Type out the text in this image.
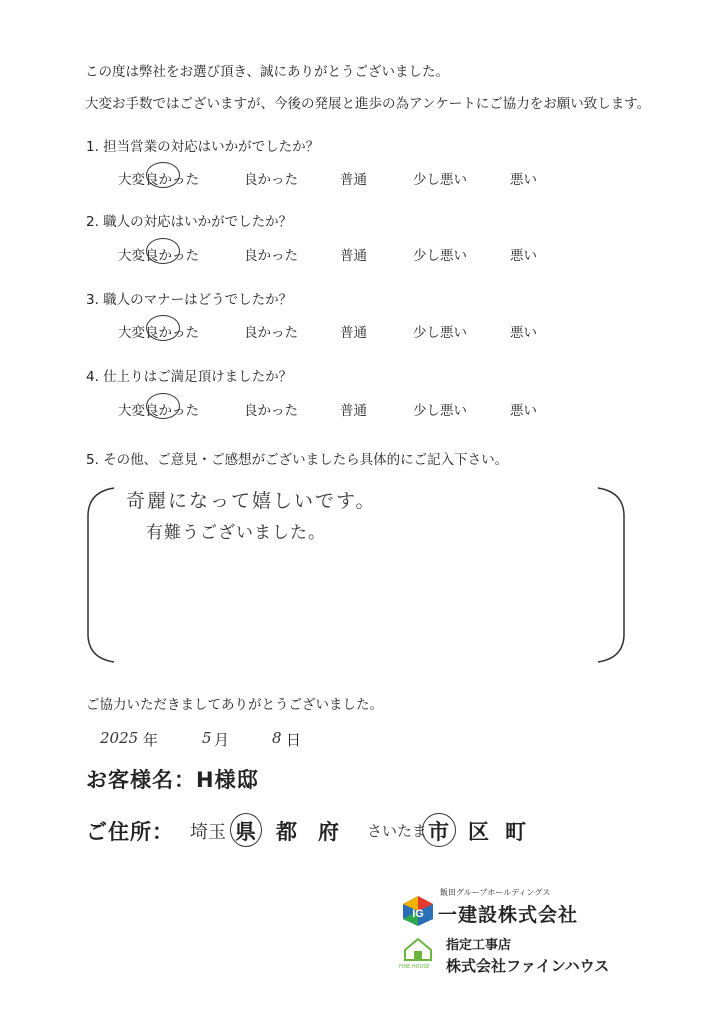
この度は弊社をお選び頂き、誠にありがとうございました。
大変お手数ではございますが、今後の発展と進歩の為アンケートにご協力をお願い致します。
1. 担当営業の対応はいかがでしたか？
大変良かった	良かった	普通	少し悪い	悪い
2. 職人の対応はいかがでしたか？
大変良かった	良かった	普通	少し悪い	悪い
3. 職人のマナーはどうでしたか？
大変良かった	良かった	普通	少し悪い	悪い
4. 仕上りはご満足頂けましたか？
大変良かった	良かった	普通	少し悪い	悪い
5. その他、ご意見・ご感想がございましたら具体的にご記入下さい。
奇麗になって嬉しいです。
有難うございました。
ご協力いただきましてありがとうございました。
2025 年	5 月	8 日
お客様名：H様邸
ご住所： 埼玉 県 都 府 さいたま 市 区 町
IG
飯田グループホールディングス
一建設株式会社
FINE HOUSE
指定工事店
株式会社ファインハウス
